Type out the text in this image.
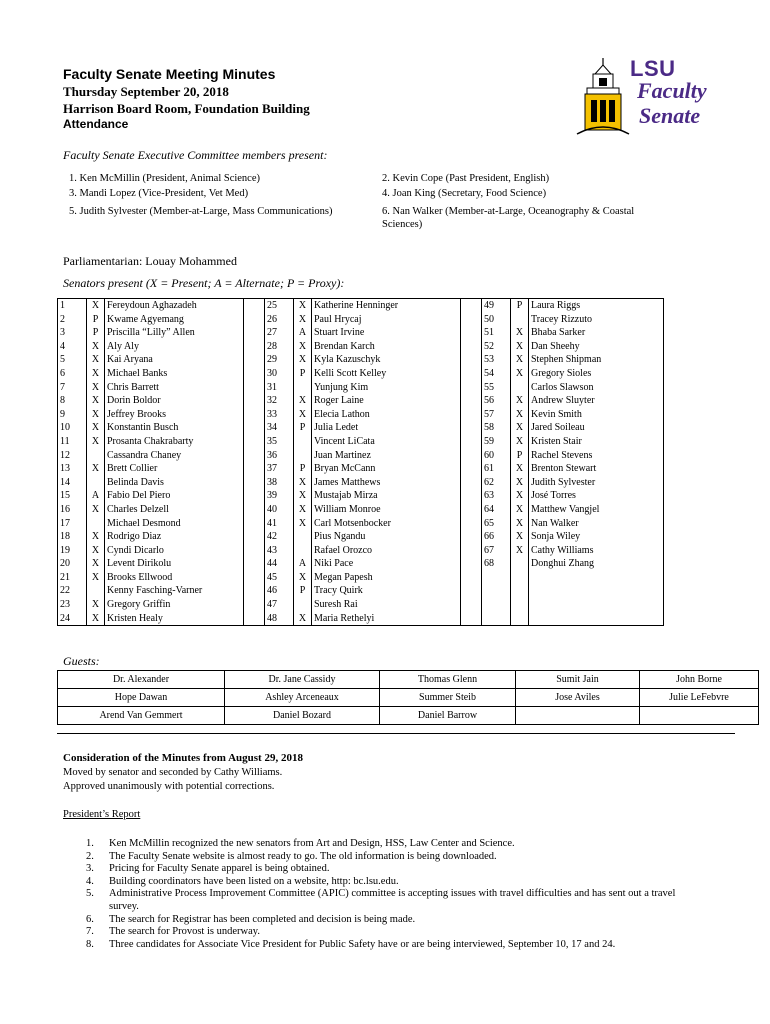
Faculty Senate Meeting Minutes
Thursday September 20, 2018
Harrison Board Room, Foundation Building
Attendance
LSU
Faculty
Senate
Faculty Senate Executive Committee members present:
1. Ken McMillin (President, Animal Science)	2. Kevin Cope (Past President, English)
3. Mandi Lopez (Vice-President, Vet Med)	4. Joan King (Secretary, Food Science)
5. Judith Sylvester (Member-at-Large, Mass Communications)	6. Nan Walker (Member-at-Large, Oceanography & Coastal Sciences)
Parliamentarian: Louay Mohammed
Senators present (X = Present; A = Alternate; P = Proxy):
1	X	Fereydoun Aghazadeh		25	X	Katherine Henninger		49	P	Laura Riggs
2	P	Kwame Agyemang		26	X	Paul Hrycaj		50		Tracey Rizzuto
3	P	Priscilla “Lilly” Allen		27	A	Stuart Irvine		51	X	Bhaba Sarker
4	X	Aly Aly		28	X	Brendan Karch		52	X	Dan Sheehy
5	X	Kai Aryana		29	X	Kyla Kazuschyk		53	X	Stephen Shipman
6	X	Michael Banks		30	P	Kelli Scott Kelley		54	X	Gregory Sioles
7	X	Chris Barrett		31		Yunjung Kim		55		Carlos Slawson
8	X	Dorin Boldor		32	X	Roger Laine		56	X	Andrew Sluyter
9	X	Jeffrey Brooks		33	X	Elecia Lathon		57	X	Kevin Smith
10	X	Konstantin Busch		34	P	Julia Ledet		58	X	Jared Soileau
11	X	Prosanta Chakrabarty		35		Vincent LiCata		59	X	Kristen Stair
12		Cassandra Chaney		36		Juan Martinez		60	P	Rachel Stevens
13	X	Brett Collier		37	P	Bryan McCann		61	X	Brenton Stewart
14		Belinda Davis		38	X	James Matthews		62	X	Judith Sylvester
15	A	Fabio Del Piero		39	X	Mustajab Mirza		63	X	José Torres
16	X	Charles Delzell		40	X	William Monroe		64	X	Matthew Vangjel
17		Michael Desmond		41	X	Carl Motsenbocker		65	X	Nan Walker
18	X	Rodrigo Diaz		42		Pius Ngandu		66	X	Sonja Wiley
19	X	Cyndi Dicarlo		43		Rafael Orozco		67	X	Cathy Williams
20	X	Levent Dirikolu		44	A	Niki Pace		68		Donghui Zhang
21	X	Brooks Ellwood		45	X	Megan Papesh				
22		Kenny Fasching-Varner		46	P	Tracy Quirk				
23	X	Gregory Griffin		47		Suresh Rai				
24	X	Kristen Healy		48	X	Maria Rethelyi				
Guests:
Dr. Alexander	Dr. Jane Cassidy	Thomas Glenn	Sumit Jain	John Borne
Hope Dawan	Ashley Arceneaux	Summer Steib	Jose Aviles	Julie LeFebvre
Arend Van Gemmert	Daniel Bozard	Daniel Barrow		
Consideration of the Minutes from August 29, 2018
Moved by senator and seconded by Cathy Williams.
Approved unanimously with potential corrections.
President’s Report
1.	Ken McMillin recognized the new senators from Art and Design, HSS, Law Center and Science.
2.	The Faculty Senate website is almost ready to go. The old information is being downloaded.
3.	Pricing for Faculty Senate apparel is being obtained.
4.	Building coordinators have been listed on a website, http: bc.lsu.edu.
5.	Administrative Process Improvement Committee (APIC) committee is accepting issues with travel difficulties and has sent out a travel survey.
6.	The search for Registrar has been completed and decision is being made.
7.	The search for Provost is underway.
8.	Three candidates for Associate Vice President for Public Safety have or are being interviewed, September 10, 17 and 24.
